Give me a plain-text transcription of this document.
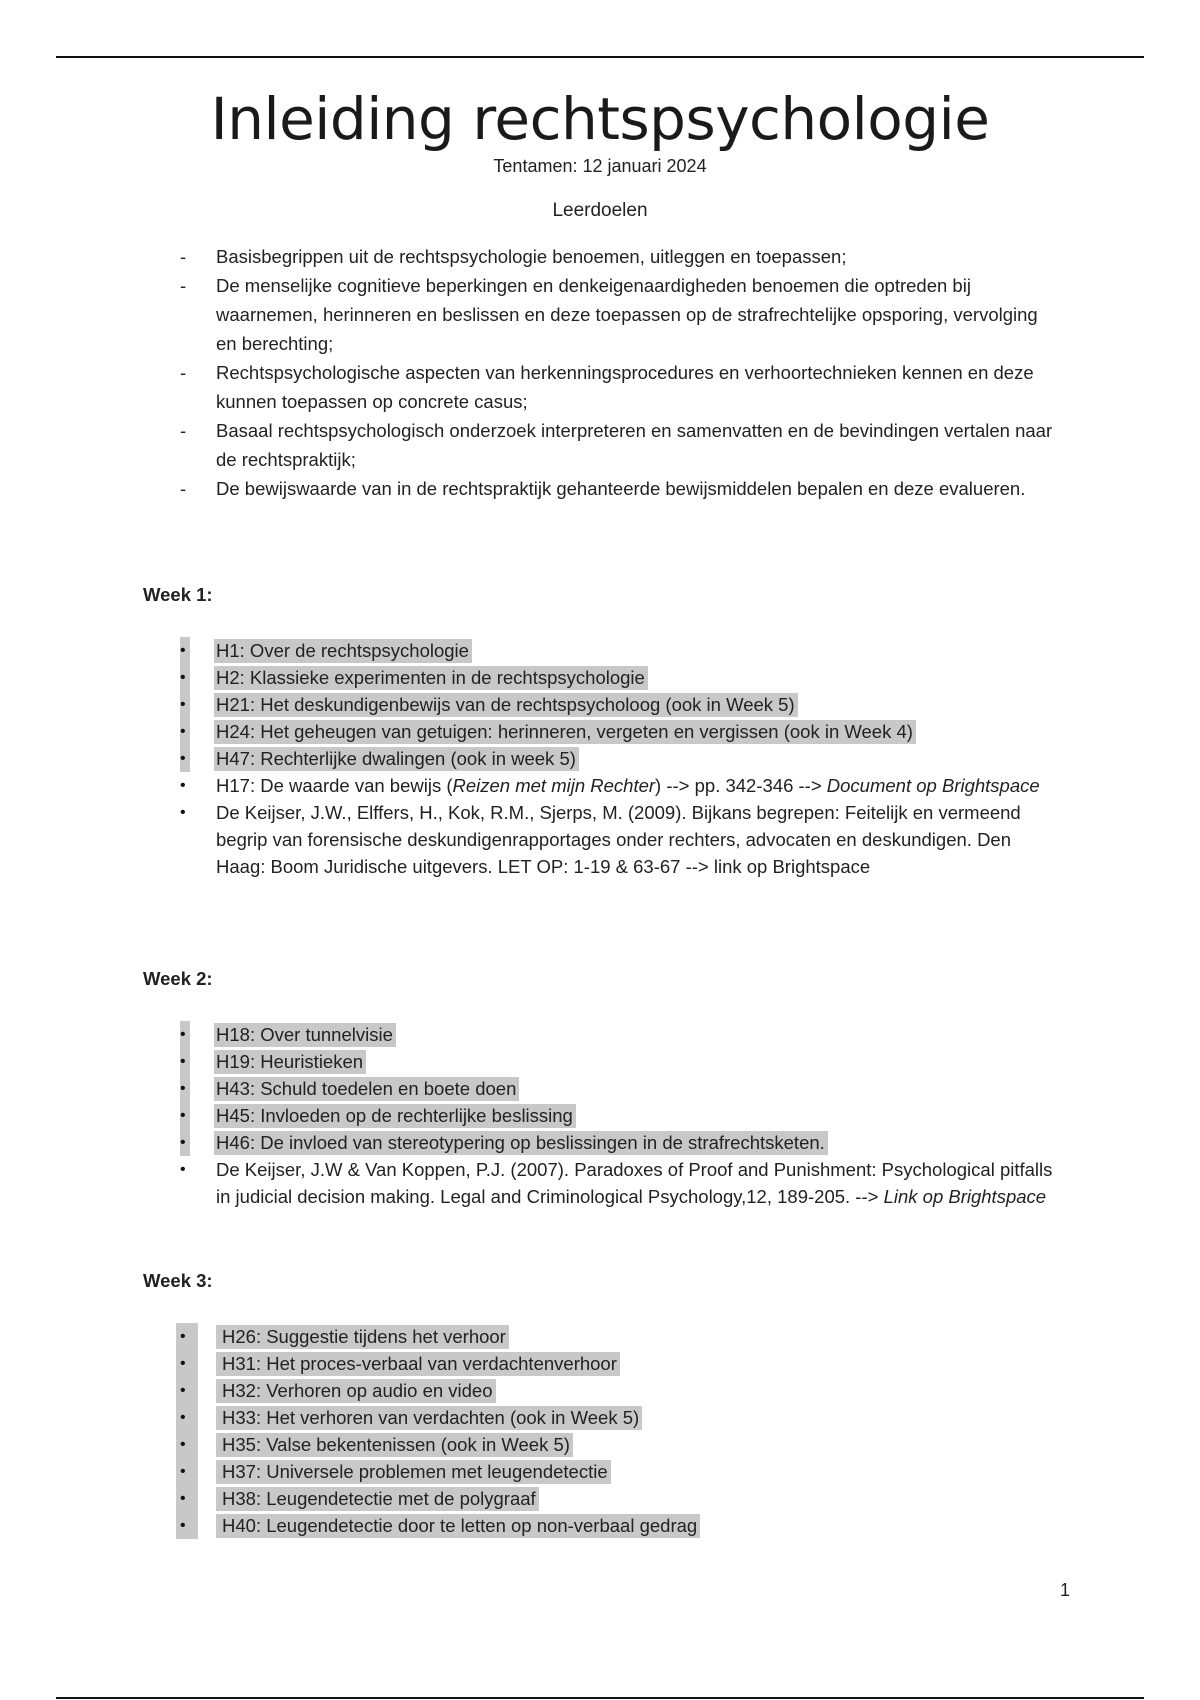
Inleiding rechtspsychologie
Tentamen: 12 januari 2024
Leerdoelen
- Basisbegrippen uit de rechtspsychologie benoemen, uitleggen en toepassen;
- De menselijke cognitieve beperkingen en denkeigenaardigheden benoemen die optreden bij waarnemen, herinneren en beslissen en deze toepassen op de strafrechtelijke opsporing, vervolging en berechting;
- Rechtspsychologische aspecten van herkenningsprocedures en verhoortechnieken kennen en deze kunnen toepassen op concrete casus;
- Basaal rechtspsychologisch onderzoek interpreteren en samenvatten en de bevindingen vertalen naar de rechtspraktijk;
- De bewijswaarde van in de rechtspraktijk gehanteerde bewijsmiddelen bepalen en deze evalueren.
Week 1:
• H1: Over de rechtspsychologie
• H2: Klassieke experimenten in de rechtspsychologie
• H21: Het deskundigenbewijs van de rechtspsycholoog (ook in Week 5)
• H24: Het geheugen van getuigen: herinneren, vergeten en vergissen (ook in Week 4)
• H47: Rechterlijke dwalingen (ook in week 5)
• H17: De waarde van bewijs (Reizen met mijn Rechter) --> pp. 342-346 --> Document op Brightspace
• De Keijser, J.W., Elffers, H., Kok, R.M., Sjerps, M. (2009). Bijkans begrepen: Feitelijk en vermeend begrip van forensische deskundigenrapportages onder rechters, advocaten en deskundigen. Den Haag: Boom Juridische uitgevers. LET OP: 1-19 & 63-67 --> link op Brightspace
Week 2:
• H18: Over tunnelvisie
• H19: Heuristieken
• H43: Schuld toedelen en boete doen
• H45: Invloeden op de rechterlijke beslissing
• H46: De invloed van stereotypering op beslissingen in de strafrechtsketen.
• De Keijser, J.W & Van Koppen, P.J. (2007). Paradoxes of Proof and Punishment: Psychological pitfalls in judicial decision making. Legal and Criminological Psychology,12, 189-205. --> Link op Brightspace
Week 3:
•	H26: Suggestie tijdens het verhoor
•	H31: Het proces-verbaal van verdachtenverhoor
•	H32: Verhoren op audio en video
•	H33: Het verhoren van verdachten (ook in Week 5)
•	H35: Valse bekentenissen (ook in Week 5)
•	H37: Universele problemen met leugendetectie
•	H38: Leugendetectie met de polygraaf
•	H40: Leugendetectie door te letten op non-verbaal gedrag
1
